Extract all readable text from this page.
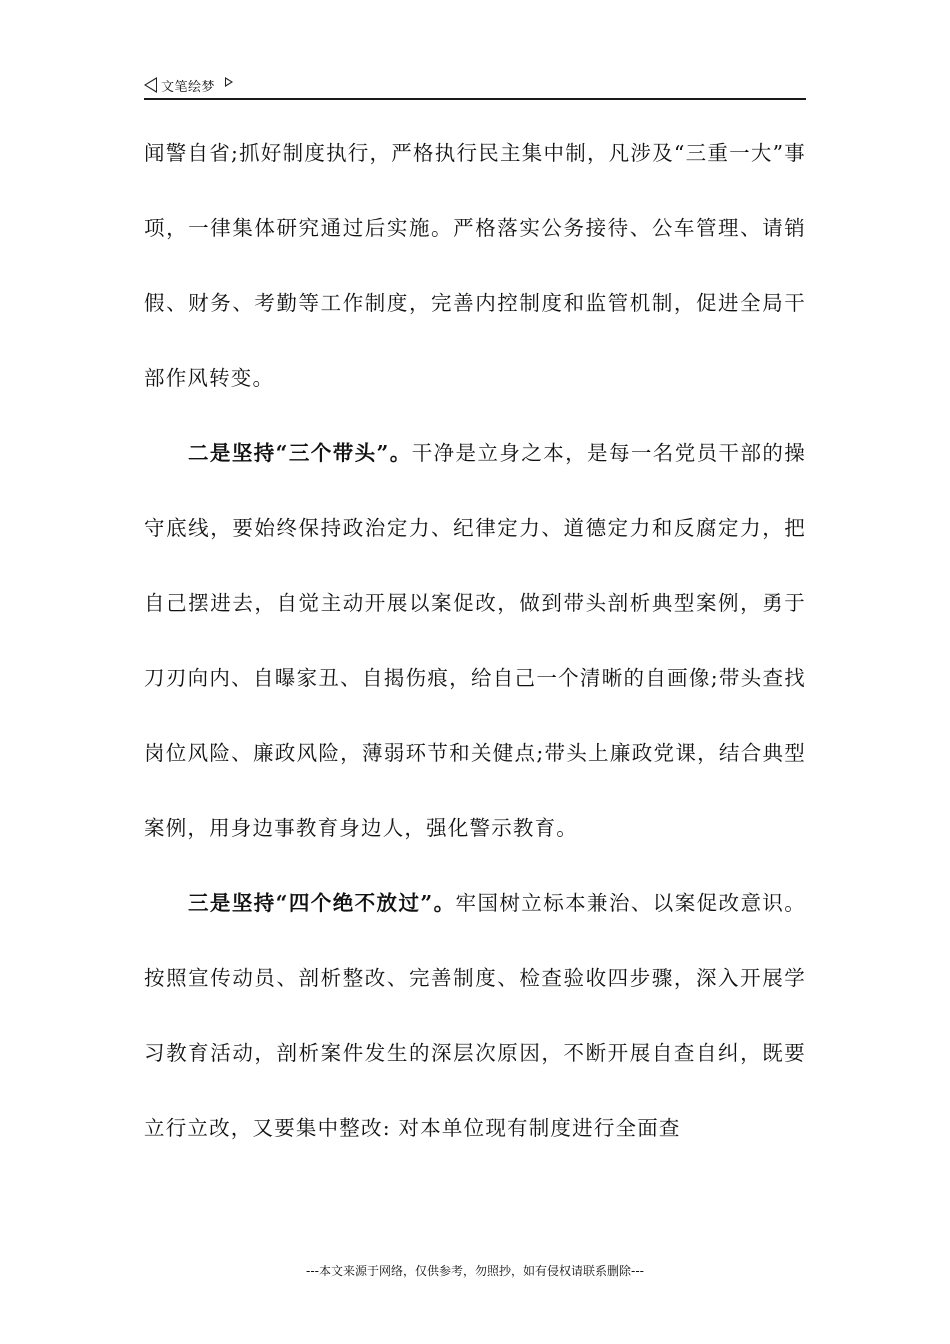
文笔绘梦

闻警自省;抓好制度执行，严格执行民主集中制，凡涉及“三重一大”事项，一律集体研究通过后实施。严格落实公务接待、公车管理、请销假、财务、考勤等工作制度，完善内控制度和监管机制，促进全局干部作风转变。

二是坚持“三个带头”。干净是立身之本，是每一名党员干部的操守底线，要始终保持政治定力、纪律定力、道德定力和反腐定力，把自己摆进去，自觉主动开展以案促改，做到带头剖析典型案例，勇于刀刃向内、自曝家丑、自揭伤痕，给自己一个清晰的自画像;带头查找岗位风险、廉政风险，薄弱环节和关健点;带头上廉政党课，结合典型案例，用身边事教育身边人，强化警示教育。

三是坚持“四个绝不放过”。牢国树立标本兼治、以案促改意识。按照宣传动员、剖析整改、完善制度、检查验收四步骤，深入开展学习教育活动，剖析案件发生的深层次原因，不断开展自查自纠，既要立行立改，又要集中整改: 对本单位现有制度进行全面查

---本文来源于网络，仅供参考，勿照抄，如有侵权请联系删除---
